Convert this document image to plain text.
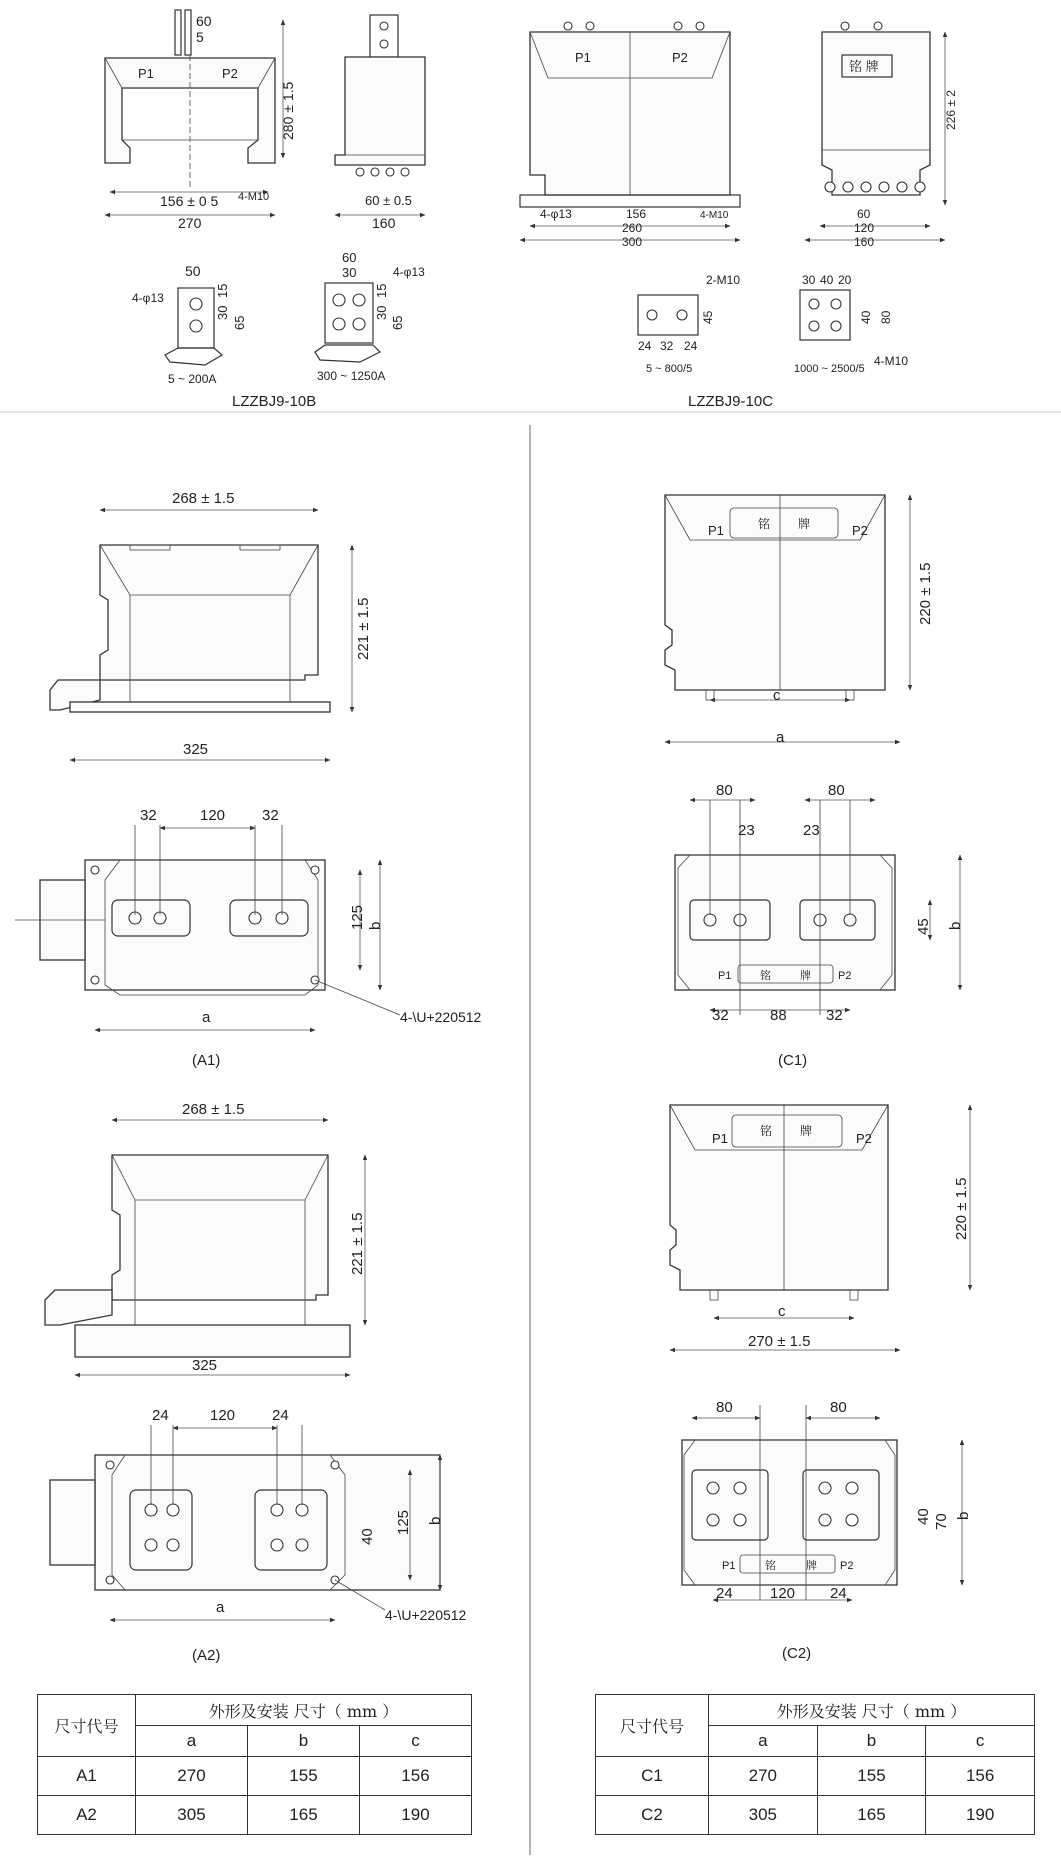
P1	P2
60
5
280 ± 1.5
156 ± 0 5 4-M10
270
60 ± 0.5
160
50
4-φ13
30
15
65
5 ~ 200A
60
30	4-φ13
30
15
65
300 ~ 1250A
LZZBJ9-10B
P1	P2
4-φ13	156	4-M10
260
300
铭 牌
226 ± 2
60
120
160
2-M10
45
24 32 24
5 ~ 800/5
30 40 20
40 80
4-M10
1000 ~ 2500/5
LZZBJ9-10C
268 ± 1.5
221 ± 1.5
325
32	120 32
125 b
a	4-\U+220512
(A1)
268 ± 1.5
221 ± 1.5
325
24	120 24
40
125 b
a	4-\U+220512
(A2)
P1	P2
铭 牌
c
a
220 ± 1.5
P1	P2
铭	牌
80	80
23	23
45 b
32	88	32
(C1)
P1	P2
铭 牌
c
270 ± 1.5
220 ± 1.5
P1	P2
铭	牌
80	80
40 70 b
24 120 24
(C2)
尺寸代号	外形及安装 尺寸（ mm ）		
	a	b	c
A1	270	155	156
A2	305	165	190
尺寸代号	外形及安装 尺寸（ mm ）		
	a	b	c
C1	270	155	156
C2	305	165	190
